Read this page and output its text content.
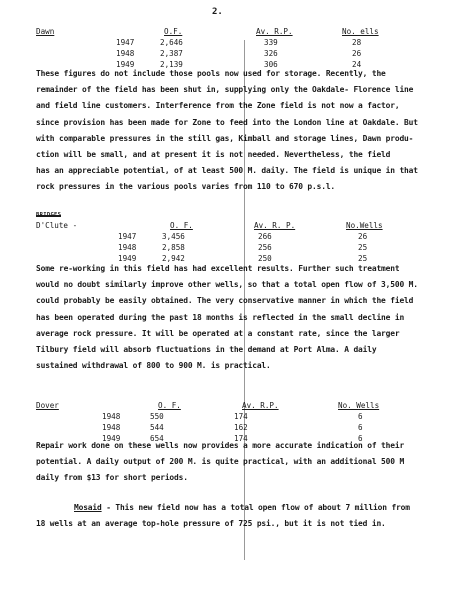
2.
Dawn	O.F.	Av. R.P.	No. ells
1947	2,646	339	28
1948	2,387	326	26
1949	2,139	306	24
These figures do not include those pools now used for storage. Recently, the
remainder of the field has been shut in, supplying only the Oakdale- Florence line
and field line customers. Interference from the Zone field is not now a factor,
since provision has been made for Zone to feed into the London line at Oakdale. But
with comparable pressures in the still gas, Kimball and storage lines, Dawn produ-
ction will be small, and at present it is not needed. Nevertheless, the field
has an appreciable potential, of at least 500 M. daily. The field is unique in that
rock pressures in the various pools varies from 110 to 670 p.s.l.
BRIDGES
D'Clute -	O. F.	Av. R. P.	No.Wells
1947	3,456	266	26
1948	2,858	256	25
1949	2,942	250	25
Some re-working in this field has had excellent results. Further such treatment
would no doubt similarly improve other wells, so that a total open flow of 3,500 M.
could probably be easily obtained. The very conservative manner in which the field
has been operated during the past 18 months is reflected in the small decline in
average rock pressure. It will be operated at a constant rate, since the larger
Tilbury field will absorb fluctuations in the demand at Port Alma. A daily
sustained withdrawal of 800 to 900 M. is practical.
Dover	O. F.	Av. R.P.	No. Wells
1948	550	174	6
1948	544	162	6
1949	654	174	6
Repair work done on these wells now provides a more accurate indication of their
potential. A daily output of 200 M. is quite practical, with an additional 500 M
daily from $13 for short periods.
Mosaid - This new field now has a total open flow of about 7 million from
18 wells at an average top-hole pressure of 725 psi., but it is not tied in.
